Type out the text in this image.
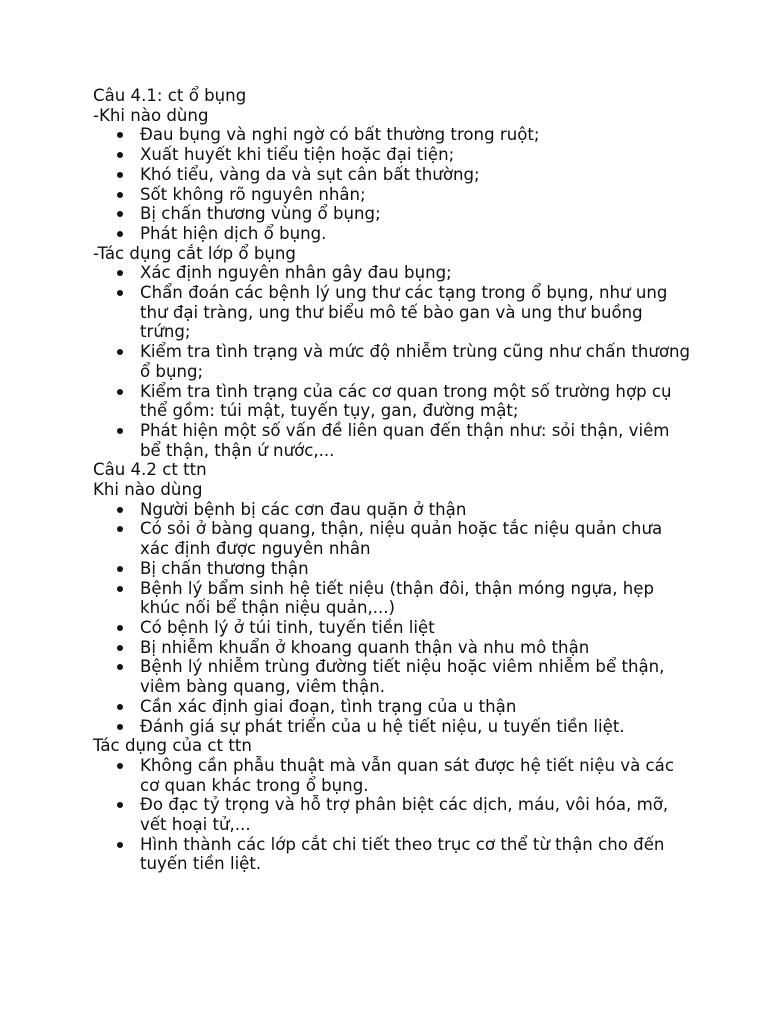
Câu 4.1: ct ổ bụng

-Khi nào dùng

Đau bụng và nghi ngờ có bất thường trong ruột;
Xuất huyết khi tiểu tiện hoặc đại tiện;
Khó tiểu, vàng da và sụt cân bất thường;
Sốt không rõ nguyên nhân;
Bị chấn thương vùng ổ bụng;
Phát hiện dịch ổ bụng.

-Tác dụng cắt lớp ổ bụng

Xác định nguyên nhân gây đau bụng;
Chẩn đoán các bệnh lý ung thư các tạng trong ổ bụng, như ung thư đại tràng, ung thư biểu mô tế bào gan và ung thư buồng trứng;
Kiểm tra tình trạng và mức độ nhiễm trùng cũng như chấn thương ổ bụng;
Kiểm tra tình trạng của các cơ quan trong một số trường hợp cụ thể gồm: túi mật, tuyến tụy, gan, đường mật;
Phát hiện một số vấn đề liên quan đến thận như: sỏi thận, viêm bể thận, thận ứ nước,...

Câu 4.2 ct ttn

Khi nào dùng

Người bệnh bị các cơn đau quặn ở thận
Có sỏi ở bàng quang, thận, niệu quản hoặc tắc niệu quản chưa xác định được nguyên nhân
Bị chấn thương thận
Bệnh lý bẩm sinh hệ tiết niệu (thận đôi, thận móng ngựa, hẹp khúc nối bể thận niệu quản,...)
Có bệnh lý ở túi tinh, tuyến tiền liệt
Bị nhiễm khuẩn ở khoang quanh thận và nhu mô thận
Bệnh lý nhiễm trùng đường tiết niệu hoặc viêm nhiễm bể thận, viêm bàng quang, viêm thận.
Cần xác định giai đoạn, tình trạng của u thận
Đánh giá sự phát triển của u hệ tiết niệu, u tuyến tiền liệt.

Tác dụng của ct ttn

Không cần phẫu thuật mà vẫn quan sát được hệ tiết niệu và các cơ quan khác trong ổ bụng.
Đo đạc tỷ trọng và hỗ trợ phân biệt các dịch, máu, vôi hóa, mỡ, vết hoại tử,...
Hình thành các lớp cắt chi tiết theo trục cơ thể từ thận cho đến tuyến tiền liệt.
